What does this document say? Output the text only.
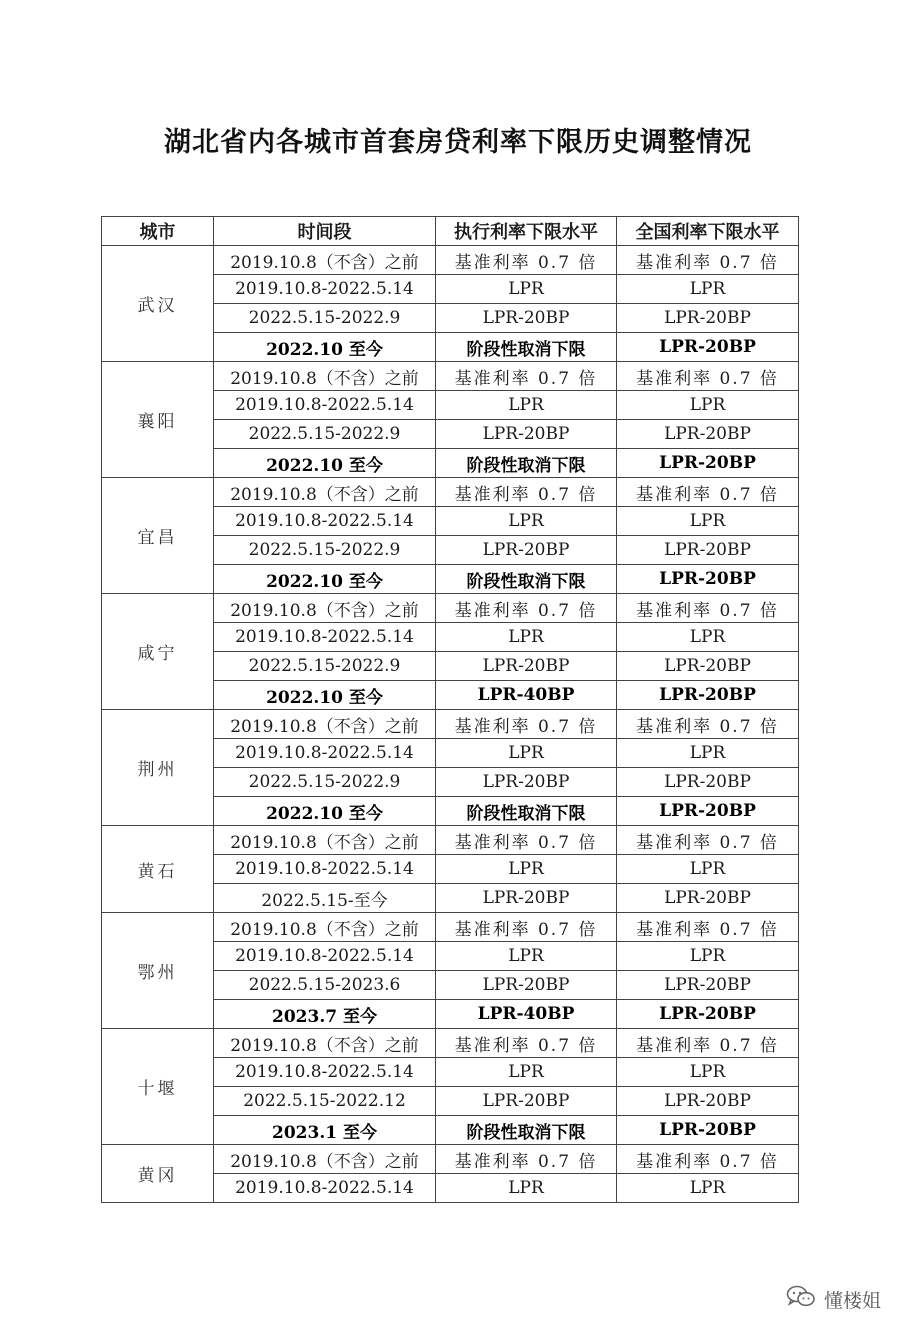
湖北省内各城市首套房贷利率下限历史调整情况
城市	时间段	执行利率下限水平	全国利率下限水平
武汉	2019.10.8（不含）之前	基准利率 0.7 倍	基准利率 0.7 倍
	2019.10.8-2022.5.14	LPR	LPR
	2022.5.15-2022.9	LPR-20BP	LPR-20BP
	2022.10 至今	阶段性取消下限	LPR-20BP
襄阳	2019.10.8（不含）之前	基准利率 0.7 倍	基准利率 0.7 倍
	2019.10.8-2022.5.14	LPR	LPR
	2022.5.15-2022.9	LPR-20BP	LPR-20BP
	2022.10 至今	阶段性取消下限	LPR-20BP
宜昌	2019.10.8（不含）之前	基准利率 0.7 倍	基准利率 0.7 倍
	2019.10.8-2022.5.14	LPR	LPR
	2022.5.15-2022.9	LPR-20BP	LPR-20BP
	2022.10 至今	阶段性取消下限	LPR-20BP
咸宁	2019.10.8（不含）之前	基准利率 0.7 倍	基准利率 0.7 倍
	2019.10.8-2022.5.14	LPR	LPR
	2022.5.15-2022.9	LPR-20BP	LPR-20BP
	2022.10 至今	LPR-40BP	LPR-20BP
荆州	2019.10.8（不含）之前	基准利率 0.7 倍	基准利率 0.7 倍
	2019.10.8-2022.5.14	LPR	LPR
	2022.5.15-2022.9	LPR-20BP	LPR-20BP
	2022.10 至今	阶段性取消下限	LPR-20BP
黄石	2019.10.8（不含）之前	基准利率 0.7 倍	基准利率 0.7 倍
	2019.10.8-2022.5.14	LPR	LPR
	2022.5.15-至今	LPR-20BP	LPR-20BP
鄂州	2019.10.8（不含）之前	基准利率 0.7 倍	基准利率 0.7 倍
	2019.10.8-2022.5.14	LPR	LPR
	2022.5.15-2023.6	LPR-20BP	LPR-20BP
	2023.7 至今	LPR-40BP	LPR-20BP
十堰	2019.10.8（不含）之前	基准利率 0.7 倍	基准利率 0.7 倍
	2019.10.8-2022.5.14	LPR	LPR
	2022.5.15-2022.12	LPR-20BP	LPR-20BP
	2023.1 至今	阶段性取消下限	LPR-20BP
黄冈	2019.10.8（不含）之前	基准利率 0.7 倍	基准利率 0.7 倍
	2019.10.8-2022.5.14	LPR	LPR
懂楼姐
